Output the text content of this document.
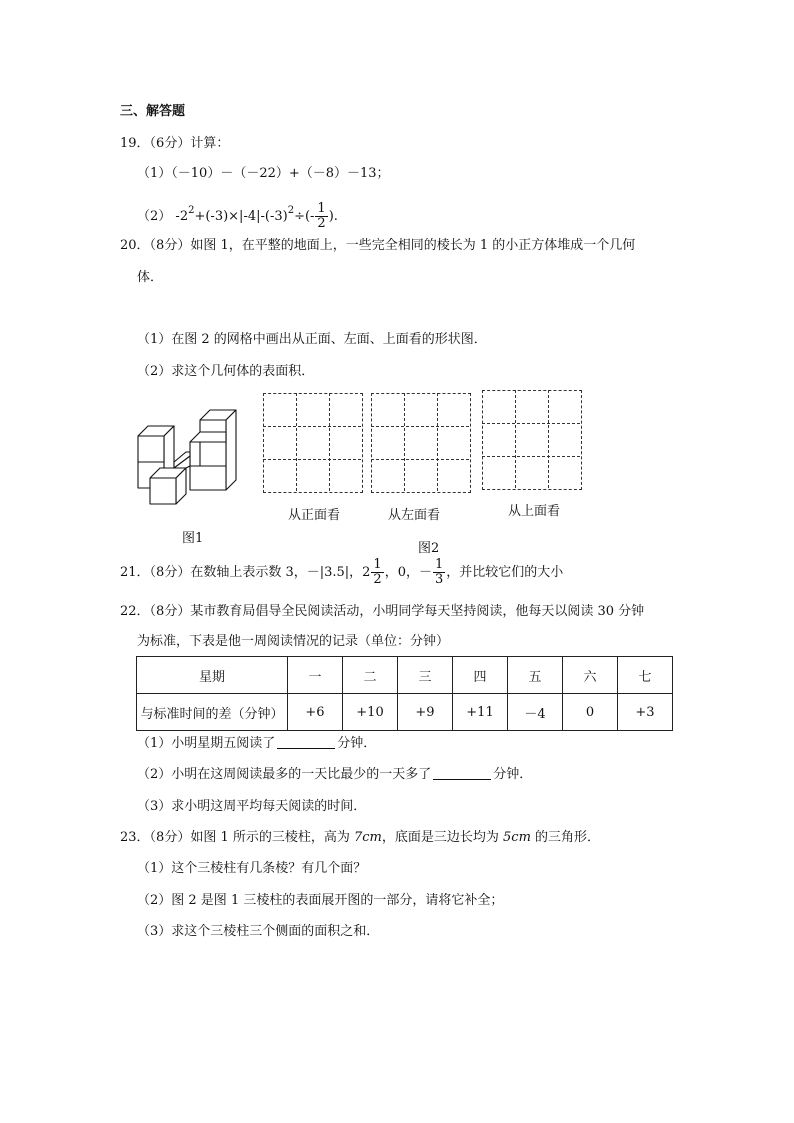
三、解答题
19．（6分）计算：
（1）（－10）－（－22）+（－8）－13；
（2） $-2^2+(-3)\times|-4|-(-3)^2\div(- \frac{1}{2}$ ).
20．（8分）如图 1，在平整的地面上，一些完全相同的棱长为 1 的小正方体堆成一个几何
体．
（1）在图 2 的网格中画出从正面、左面、上面看的形状图．
（2）求这个几何体的表面积．
从正面看	从左面看	从上面看
图1
图2
21．（8分）在数轴上表示数 3，－|3.5|，$2 \frac{1}{2}$ ，0，－ $\frac{1}{3}$ ，并比较它们的大小
22．（8分）某市教育局倡导全民阅读活动，小明同学每天坚持阅读，他每天以阅读 30 分钟
为标准，下表是他一周阅读情况的记录（单位：分钟）
星期	一	二	三	四	五	六	七
与标准时间的差（分钟）	+6	+10	+9	+11	－4	0	+3
（1）小明星期五阅读了	分钟．
（2）小明在这周阅读最多的一天比最少的一天多了	分钟．
（3）求小明这周平均每天阅读的时间．
23．（8分）如图 1 所示的三棱柱，高为 7cm，底面是三边长均为 5cm 的三角形．
（1）这个三棱柱有几条棱？有几个面？
（2）图 2 是图 1 三棱柱的表面展开图的一部分，请将它补全；
（3）求这个三棱柱三个侧面的面积之和．
